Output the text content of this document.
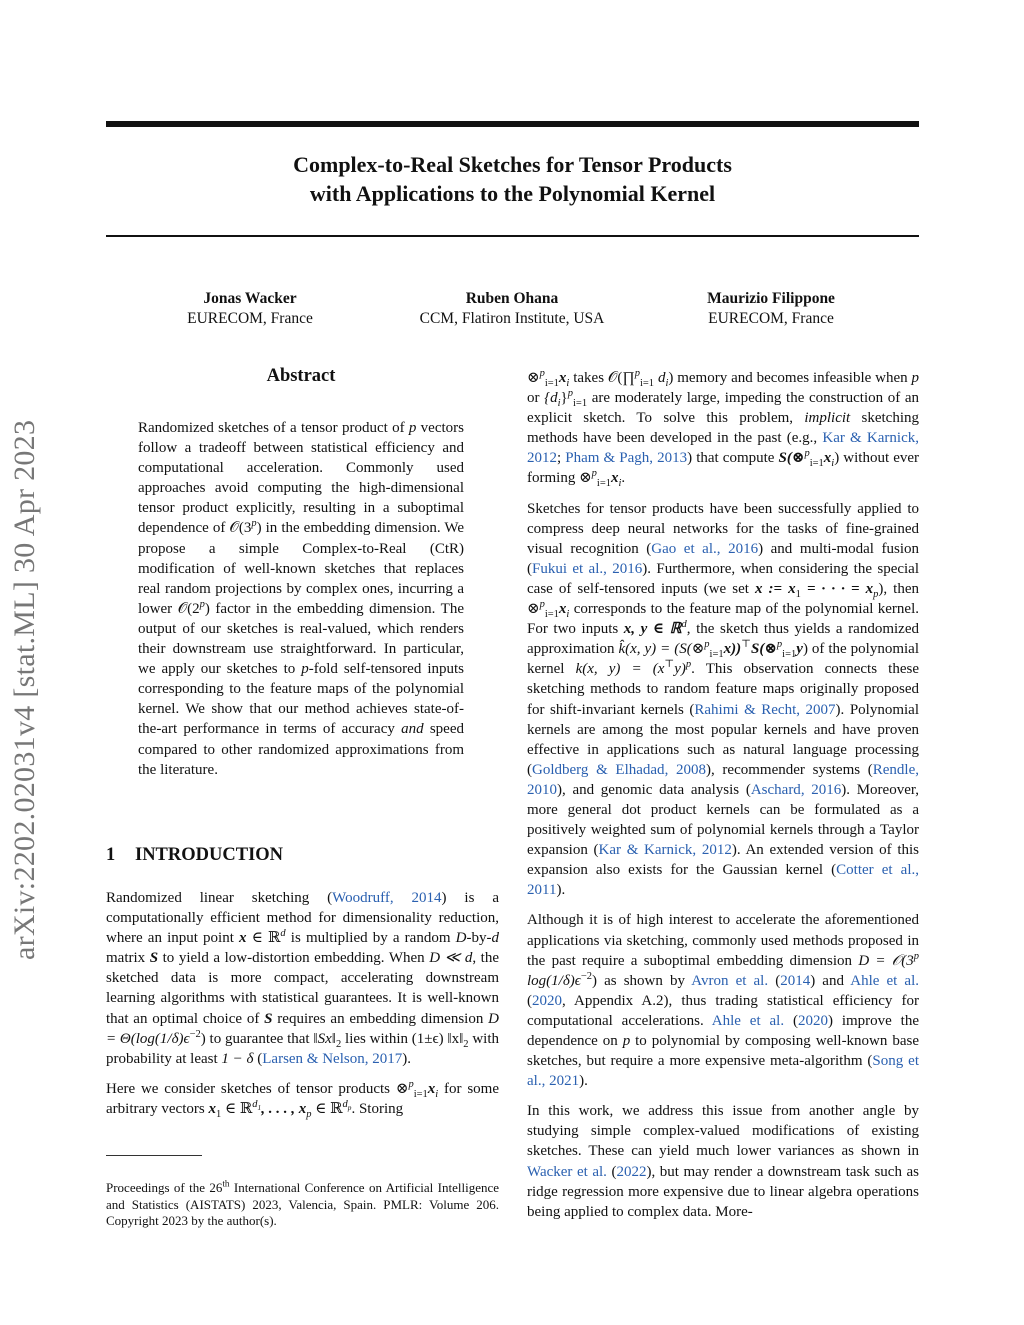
Complex-to-Real Sketches for Tensor Products
with Applications to the Polynomial Kernel
Jonas Wacker
EURECOM, France
Ruben Ohana
CCM, Flatiron Institute, USA
Maurizio Filippone
EURECOM, France
arXiv:2202.02031v4 [stat.ML] 30 Apr 2023
Abstract
Randomized sketches of a tensor product of p vectors follow a tradeoff between statistical efficiency and computational acceleration. Commonly used approaches avoid computing the high-dimensional tensor product explicitly, resulting in a suboptimal dependence of 𝒪(3$^p$) in the embedding dimension. We propose a simple Complex-to-Real (CtR) modification of well-known sketches that replaces real random projections by complex ones, incurring a lower 𝒪(2$^p$) factor in the embedding dimension. The output of our sketches is real-valued, which renders their downstream use straightforward. In particular, we apply our sketches to p-fold self-tensored inputs corresponding to the feature maps of the polynomial kernel. We show that our method achieves state-of-the-art performance in terms of accuracy and speed compared to other randomized approximations from the literature.
1 INTRODUCTION

Randomized linear sketching (Woodruff, 2014) is a computationally efficient method for dimensionality reduction, where an input point x ∈ ℝ$^d$ is multiplied by a random D-by-d matrix S to yield a low-distortion embedding. When D ≪ d, the sketched data is more compact, accelerating downstream learning algorithms with statistical guarantees. It is well-known that an optimal choice of S requires an embedding dimension $D = \Theta(\log(1/\delta)\epsilon^{-2})$ to guarantee that $‖Sx‖_2$ lies within (1±ϵ) $‖x‖_2$ with probability at least 1 − δ (Larsen & Nelson, 2017).

Here we consider sketches of tensor products $\otimes^p_{i=1}x_i$ for some arbitrary vectors $x_1$ ∈ ℝ$^{d_1}$, . . . , $x_p$ ∈ ℝ$^{d_p}$. Storing

Proceedings of the 26th International Conference on Artificial Intelligence and Statistics (AISTATS) 2023, Valencia, Spain. PMLR: Volume 206. Copyright 2023 by the author(s).

$\otimes^p_{i=1}x_i$ takes 𝒪(∏$^p_{i=1}$ $d_i$) memory and becomes infeasible when p or $\{d_i\}^p_{i=1}$ are moderately large, impeding the construction of an explicit sketch. To solve this problem, implicit sketching methods have been developed in the past (e.g., Kar & Karnick, 2012; Pham & Pagh, 2013) that compute $S(\otimes^p_{i=1}x_i)$ without ever forming $\otimes^p_{i=1}x_i$.

Sketches for tensor products have been successfully applied to compress deep neural networks for the tasks of fine-grained visual recognition (Gao et al., 2016) and multi-modal fusion (Fukui et al., 2016). Furthermore, when considering the special case of self-tensored inputs (we set x := $x_1$ = · · · = $x_p$), then $\otimes^p_{i=1}x_i$ corresponds to the feature map of the polynomial kernel. For two inputs x, y ∈ ℝ$^d$, the sketch thus yields a randomized approximation k̂(x, y) = (S(⊗$^p_{i=1}$x))⊤S(⊗$^p_{i=1}$y) of the polynomial kernel k(x, $y) = (x^⊤y)^p$. This observation connects these sketching methods to random feature maps originally proposed for shift-invariant kernels (Rahimi & Recht, 2007). Polynomial kernels are among the most popular kernels and have proven effective in applications such as natural language processing (Goldberg & Elhadad, 2008), recommender systems (Rendle, 2010), and genomic data analysis (Aschard, 2016). Moreover, more general dot product kernels can be formulated as a positively weighted sum of polynomial kernels through a Taylor expansion (Kar & Karnick, 2012). An extended version of this expansion also exists for the Gaussian kernel (Cotter et al., 2011).

Although it is of high interest to accelerate the aforementioned applications via sketching, commonly used methods proposed in the past require a suboptimal embedding dimension $D = 𝒪(3^p$ $\log(1/\delta)\epsilon^{-2}$) as shown by Avron et al. (2014) and Ahle et al. (2020, Appendix A.2), thus trading statistical efficiency for computational accelerations. Ahle et al. (2020) improve the dependence on p to polynomial by composing well-known base sketches, but require a more expensive meta-algorithm (Song et al., 2021).

In this work, we address this issue from another angle by studying simple complex-valued modifications of existing sketches. These can yield much lower variances as shown in Wacker et al. (2022), but may render a downstream task such as ridge regression more expensive due to linear algebra operations being applied to complex data. More-
